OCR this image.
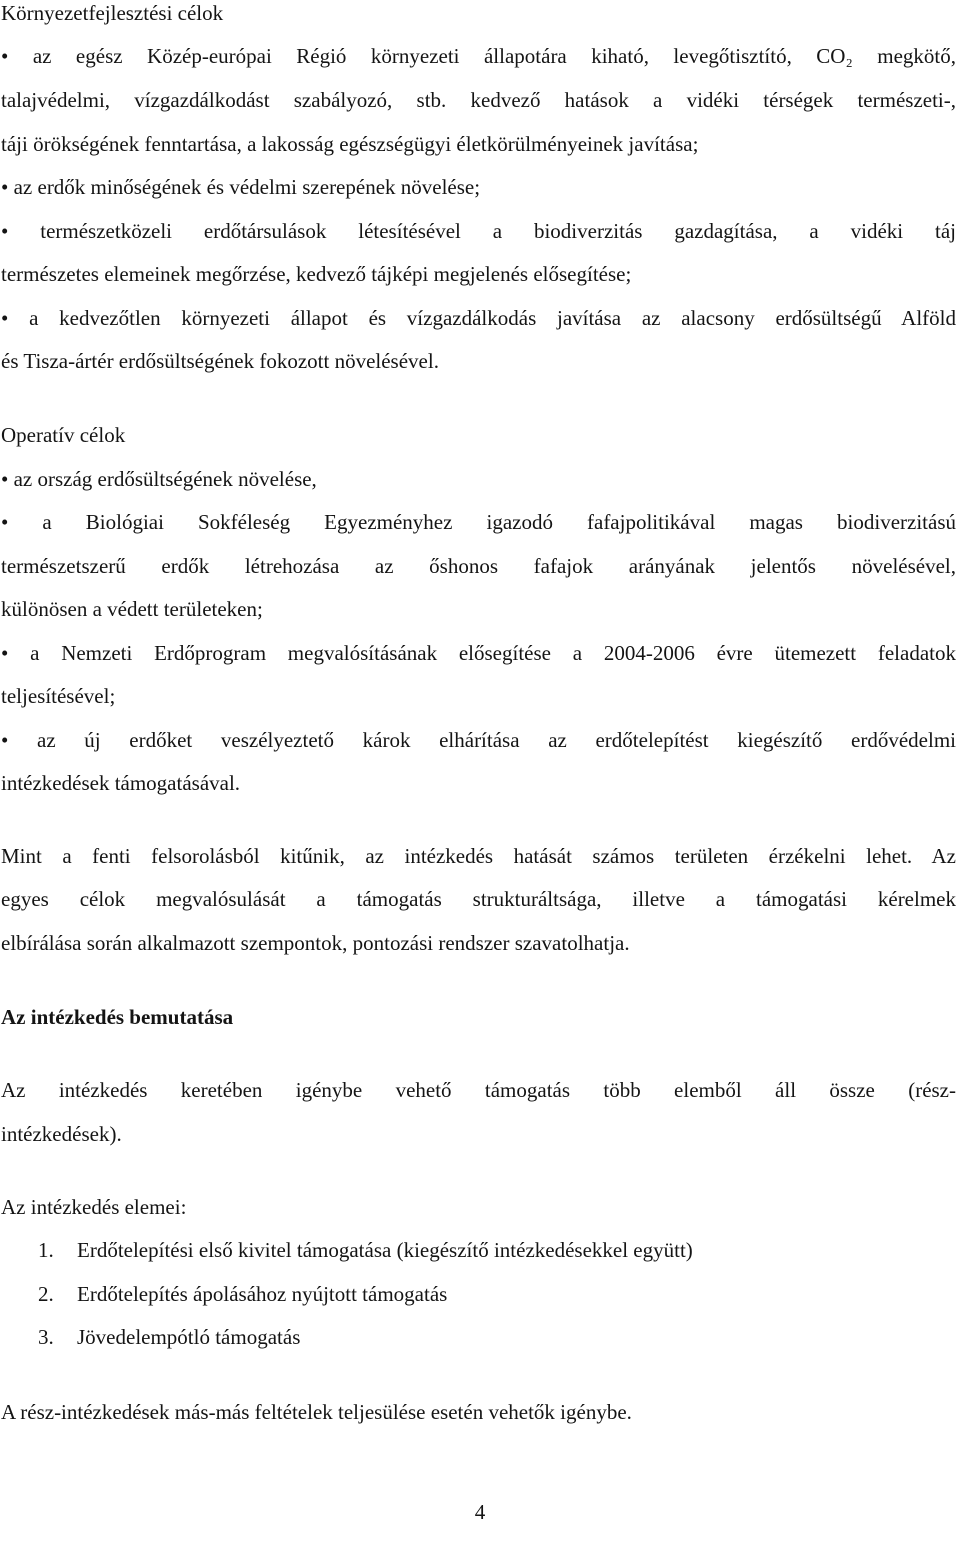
Környezetfejlesztési célok
• az egész Közép-európai Régió környezeti állapotára kiható, levegőtisztító, CO₂ megkötő,
talajvédelmi, vízgazdálkodást szabályozó, stb. kedvező hatások a vidéki térségek természeti-,
táji örökségének fenntartása, a lakosság egészségügyi életkörülményeinek javítása;
• az erdők minőségének és védelmi szerepének növelése;
• természetközeli erdőtársulások létesítésével a biodiverzitás gazdagítása, a vidéki táj
természetes elemeinek megőrzése, kedvező tájképi megjelenés elősegítése;
• a kedvezőtlen környezeti állapot és vízgazdálkodás javítása az alacsony erdősültségű Alföld
és Tisza-ártér erdősültségének fokozott növelésével.
Operatív célok
• az ország erdősültségének növelése,
• a Biológiai Sokféleség Egyezményhez igazodó fafajpolitikával magas biodiverzitású
természetszerű erdők létrehozása az őshonos fafajok arányának jelentős növelésével,
különösen a védett területeken;
• a Nemzeti Erdőprogram megvalósításának elősegítése a 2004-2006 évre ütemezett feladatok
teljesítésével;
• az új erdőket veszélyeztető károk elhárítása az erdőtelepítést kiegészítő erdővédelmi
intézkedések támogatásával.
Mint a fenti felsorolásból kitűnik, az intézkedés hatását számos területen érzékelni lehet. Az
egyes célok megvalósulását a támogatás strukturáltsága, illetve a támogatási kérelmek
elbírálása során alkalmazott szempontok, pontozási rendszer szavatolhatja.
Az intézkedés bemutatása
Az intézkedés keretében igénybe vehető támogatás több elemből áll össze (rész-
intézkedések).
Az intézkedés elemei:
1.	Erdőtelepítési első kivitel támogatása (kiegészítő intézkedésekkel együtt)
2.	Erdőtelepítés ápolásához nyújtott támogatás
3.	Jövedelempótló támogatás
A rész-intézkedések más-más feltételek teljesülése esetén vehetők igénybe.
4
